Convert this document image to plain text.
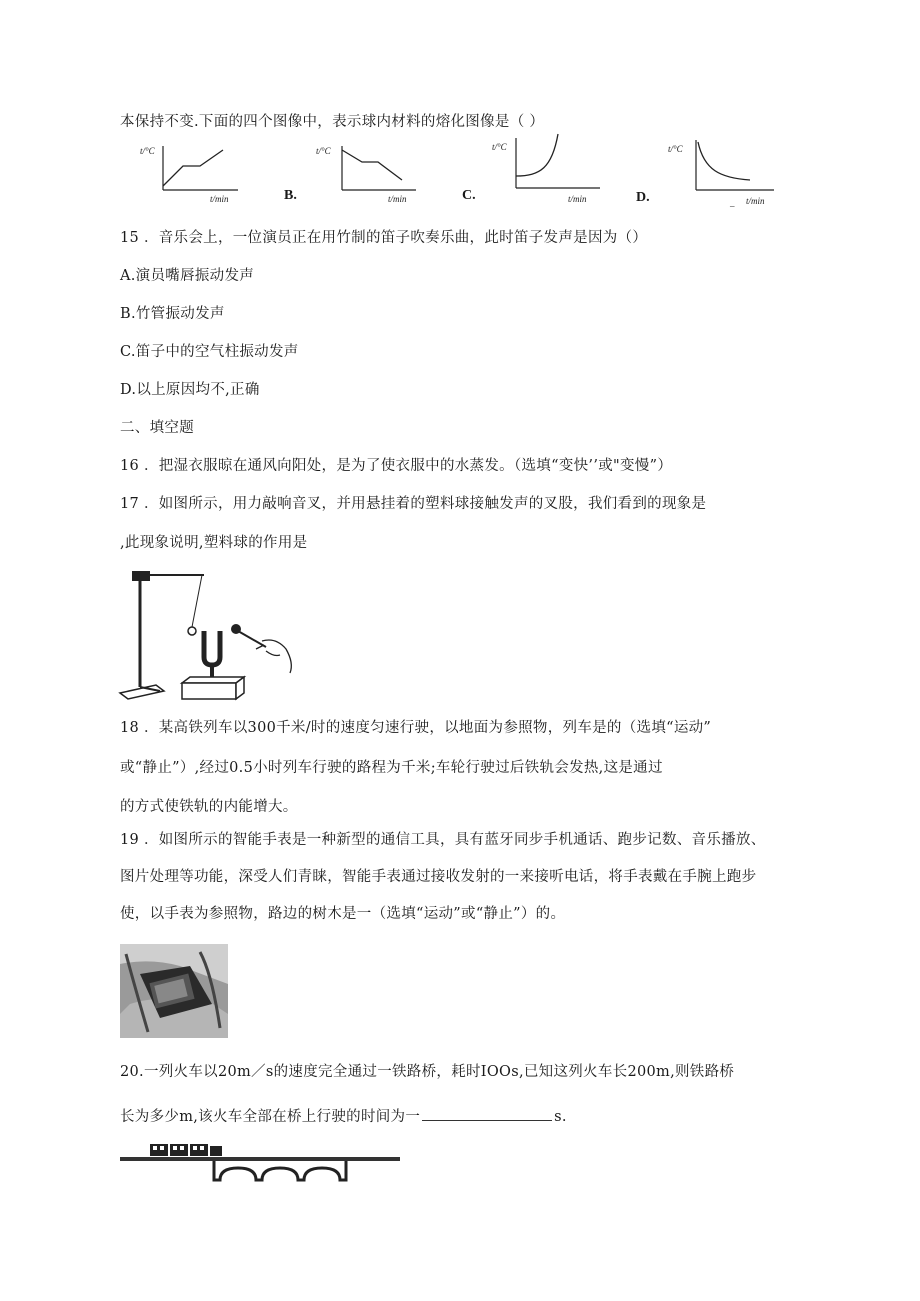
本保持不变.下面的四个图像中，表示球内材料的熔化图像是（ ）
t/°C
t/min	B.
t/°C
t/min	C.
t/°C
t/min	D.
t/°C
t/min
_
15 ．音乐会上，一位演员正在用竹制的笛子吹奏乐曲，此时笛子发声是因为（）
A.演员嘴唇振动发声
B.竹管振动发声
C.笛子中的空气柱振动发声
D.以上原因均不,正确
二、填空题
16 ．把湿衣服晾在通风向阳处，是为了使衣服中的水蒸发。（选填“变快’’或"变慢”）
17 ．如图所示，用力敲响音叉，并用悬挂着的塑料球接触发声的叉股，我们看到的现象是
,此现象说明,塑料球的作用是
18 ．某高铁列车以300千米/时的速度匀速行驶，以地面为参照物，列车是的（选填“运动”
或“静止”）,经过0.5小时列车行驶的路程为千米;车轮行驶过后铁轨会发热,这是通过
的方式使铁轨的内能增大。
19 ．如图所示的智能手表是一种新型的通信工具，具有蓝牙同步手机通话、跑步记数、音乐播放、
图片处理等功能，深受人们青睐，智能手表通过接收发射的一来接听电话，将手表戴在手腕上跑步
使，以手表为参照物，路边的树木是一（选填“运动”或“静止”）的。
20.一列火车以20m／s的速度完全通过一铁路桥，耗时IOOs,已知这列火车长200m,则铁路桥
长为多少m,该火车全部在桥上行驶的时间为一	s.
